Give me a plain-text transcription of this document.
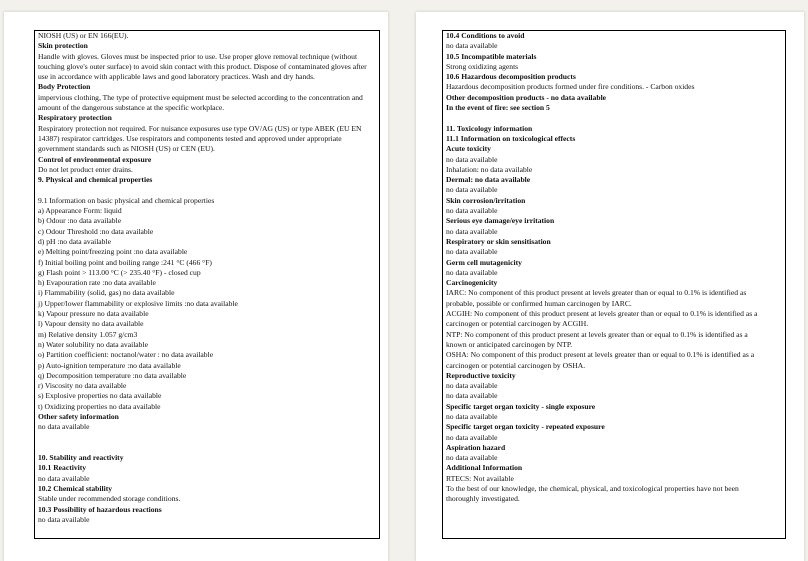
NIOSH (US) or EN 166(EU).
Skin protection
Handle with gloves. Gloves must be inspected prior to use. Use proper glove removal technique (without
touching glove's outer surface) to avoid skin contact with this product. Dispose of contaminated gloves after
use in accordance with applicable laws and good laboratory practices. Wash and dry hands.
Body Protection
impervious clothing, The type of protective equipment must be selected according to the concentration and
amount of the dangerous substance at the specific workplace.
Respiratory protection
Respiratory protection not required. For nuisance exposures use type OV/AG (US) or type ABEK (EU EN
14387) respirator cartridges. Use respirators and components tested and approved under appropriate
government standards such as NIOSH (US) or CEN (EU).
Control of environmental exposure
Do not let product enter drains.
9. Physical and chemical properties
9.1 Information on basic physical and chemical properties
a) Appearance Form: liquid
b) Odour :no data available
c) Odour Threshold :no data available
d) pH :no data available
e) Melting point/freezing point :no data available
f) Initial boiling point and boiling range :241 °C (466 °F)
g) Flash point > 113.00 °C (> 235.40 °F) - closed cup
h) Evapouration rate :no data available
i) Flammability (solid, gas) no data available
j) Upper/lower flammability or explosive limits :no data available
k) Vapour pressure no data available
l) Vapour density no data available
m) Relative density 1.057 g/cm3
n) Water solubility no data available
o) Partition coefficient: noctanol/water : no data available
p) Auto-ignition temperature :no data available
q) Decomposition temperature :no data available
r) Viscosity no data available
s) Explosive properties no data available
t) Oxidizing properties no data available
Other safety information
no data available
10. Stability and reactivity
10.1 Reactivity
no data available
10.2 Chemical stability
Stable under recommended storage conditions.
10.3 Possibility of hazardous reactions
no data available
10.4 Conditions to avoid
no data available
10.5 Incompatible materials
Strong oxidizing agents
10.6 Hazardous decomposition products
Hazardous decomposition products formed under fire conditions. - Carbon oxides
Other decomposition products - no data available
In the event of fire: see section 5
11. Toxicology information
11.1 Information on toxicological effects
Acute toxicity
no data available
Inhalation: no data available
Dermal: no data available
no data available
Skin corrosion/irritation
no data available
Serious eye damage/eye irritation
no data available
Respiratory or skin sensitisation
no data available
Germ cell mutagenicity
no data available
Carcinogenicity
IARC: No component of this product present at levels greater than or equal to 0.1% is identified as
probable, possible or confirmed human carcinogen by IARC.
ACGIH: No component of this product present at levels greater than or equal to 0.1% is identified as a
carcinogen or potential carcinogen by ACGIH.
NTP: No component of this product present at levels greater than or equal to 0.1% is identified as a
known or anticipated carcinogen by NTP.
OSHA: No component of this product present at levels greater than or equal to 0.1% is identified as a
carcinogen or potential carcinogen by OSHA.
Reproductive toxicity
no data available
no data available
Specific target organ toxicity - single exposure
no data available
Specific target organ toxicity - repeated exposure
no data available
Aspiration hazard
no data available
Additional Information
RTECS: Not available
To the best of our knowledge, the chemical, physical, and toxicological properties have not been
thoroughly investigated.
